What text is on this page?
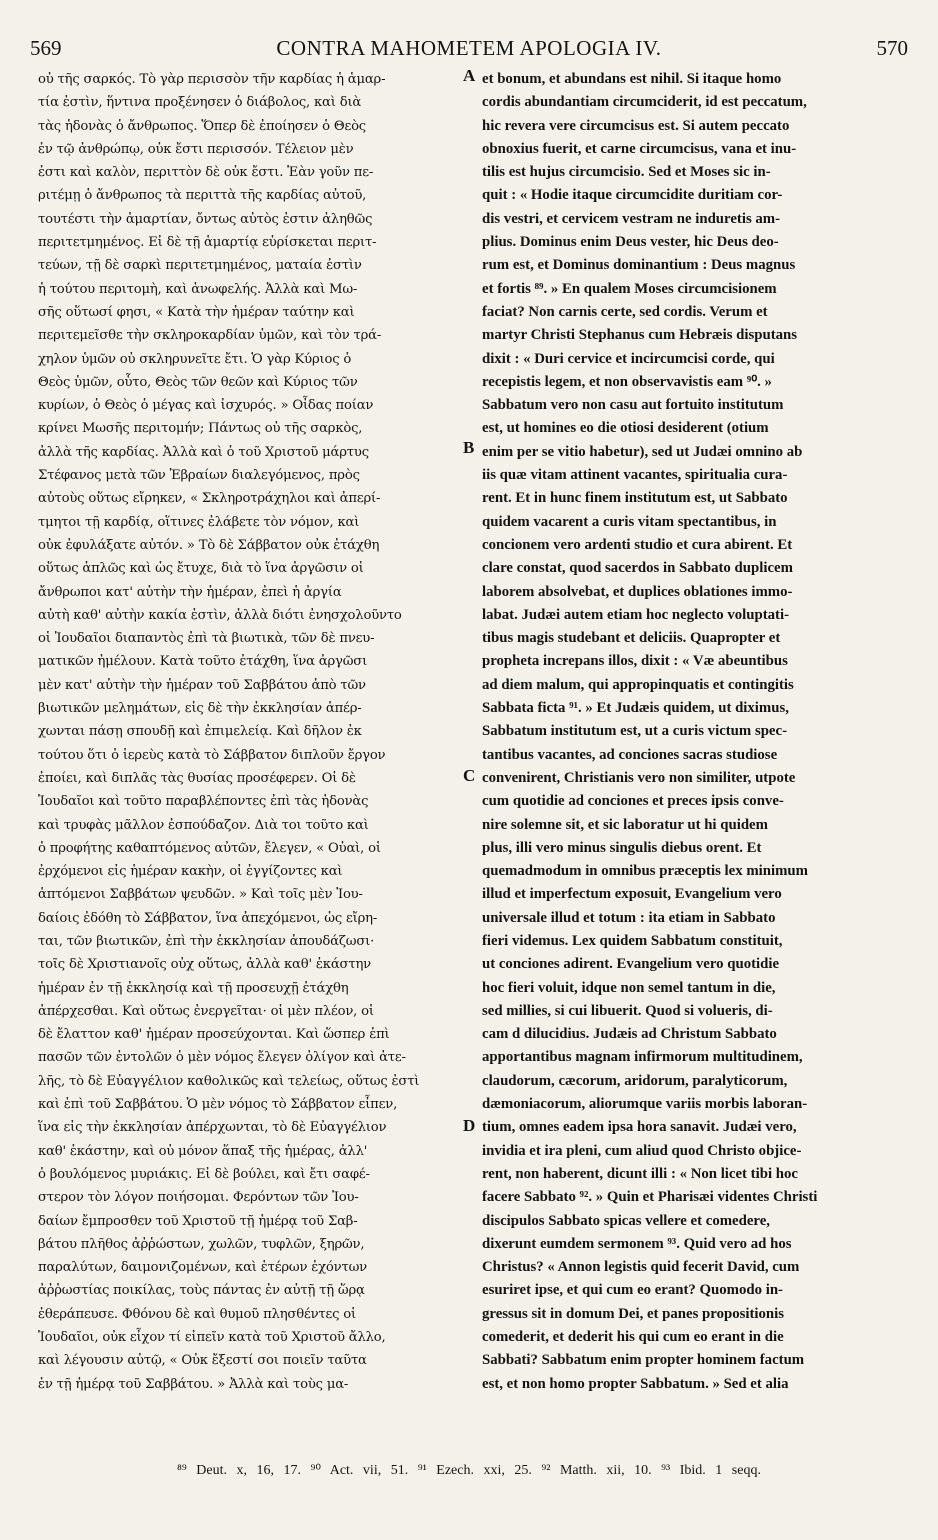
569	CONTRA MAHOMETEM APOLOGIA IV.	570
οὐ τῆς σαρκός. Τὸ γὰρ περισσὸν τῆν καρδίας ἡ ἁμαρ-
τία ἐστὶν, ἥντινα προξένησεν ὁ διάβολος, καὶ διὰ
τὰς ἡδονὰς ὁ ἄνθρωπος. Ὅπερ δὲ ἐποίησεν ὁ Θεὸς
ἐν τῷ ἀνθρώπῳ, οὐκ ἔστι περισσόν. Τέλειον μὲν
ἐστι καὶ καλὸν, περιττὸν δὲ οὐκ ἔστι. Ἐὰν γοῦν πε-
ριτέμῃ ὁ ἄνθρωπος τὰ περιττὰ τῆς καρδίας αὐτοῦ,
τουτέστι τὴν ἁμαρτίαν, ὄντως αὐτὸς ἐστιν ἀληθῶς
περιτετμημένος. Εἰ δὲ τῇ ἁμαρτίᾳ εὑρίσκεται περιτ-
τεύων, τῇ δὲ σαρκὶ περιτετμημένος, ματαία ἐστὶν
ἡ τούτου περιτομὴ, καὶ ἀνωφελής. Ἀλλὰ καὶ Μω-
σῆς οὕτωσί φησι, « Κατὰ τὴν ἡμέραν ταύτην καὶ
περιτεμεῖσθε τὴν σκληροκαρδίαν ὑμῶν, καὶ τὸν τρά-
χηλον ὑμῶν οὐ σκληρυνεῖτε ἔτι. Ὁ γὰρ Κύριος ὁ
Θεὸς ὑμῶν, οὗτο, Θεὸς τῶν θεῶν καὶ Κύριος τῶν
κυρίων, ὁ Θεὸς ὁ μέγας καὶ ἰσχυρός. » Οἶδας ποίαν
κρίνει Μωσῆς περιτομήν; Πάντως οὐ τῆς σαρκὸς,
ἀλλὰ τῆς καρδίας. Ἀλλὰ καὶ ὁ τοῦ Χριστοῦ μάρτυς
Στέφανος μετὰ τῶν Ἑβραίων διαλεγόμενος, πρὸς
αὐτοὺς οὕτως εἴρηκεν, « Σκληροτράχηλοι καὶ ἀπερί-
τμητοι τῇ καρδίᾳ, οἵτινες ἐλάβετε τὸν νόμον, καὶ
οὐκ ἐφυλάξατε αὐτόν. » Τὸ δὲ Σάββατον οὐκ ἐτάχθη
οὕτως ἁπλῶς καὶ ὡς ἔτυχε, διὰ τὸ ἵνα ἀργῶσιν οἱ
ἄνθρωποι κατ' αὐτὴν τὴν ἡμέραν, ἐπεὶ ἡ ἀργία
αὐτὴ καθ' αὐτὴν κακία ἐστὶν, ἀλλὰ διότι ἐνησχολοῦντο
οἱ Ἰουδαῖοι διαπαντὸς ἐπὶ τὰ βιωτικὰ, τῶν δὲ πνευ-
ματικῶν ἠμέλουν. Κατὰ τοῦτο ἐτάχθη, ἵνα ἀργῶσι
μὲν κατ' αὐτὴν τὴν ἡμέραν τοῦ Σαββάτου ἀπὸ τῶν
βιωτικῶν μελημάτων, εἰς δὲ τὴν ἐκκλησίαν ἀπέρ-
χωνται πάσῃ σπουδῇ καὶ ἐπιμελείᾳ. Καὶ δῆλον ἐκ
τούτου ὅτι ὁ ἱερεὺς κατὰ τὸ Σάββατον διπλοῦν ἔργον
ἐποίει, καὶ διπλᾶς τὰς θυσίας προσέφερεν. Οἱ δὲ
Ἰουδαῖοι καὶ τοῦτο παραβλέποντες ἐπὶ τὰς ἡδονὰς
καὶ τρυφὰς μᾶλλον ἐσπούδαζον. Διὰ τοι τοῦτο καὶ
ὁ προφήτης καθαπτόμενος αὐτῶν, ἔλεγεν, « Οὐαὶ, οἱ
ἐρχόμενοι εἰς ἡμέραν κακὴν, οἱ ἐγγίζοντες καὶ
ἁπτόμενοι Σαββάτων ψευδῶν. » Καὶ τοῖς μὲν Ἰου-
δαίοις ἐδόθη τὸ Σάββατον, ἵνα ἀπεχόμενοι, ὡς εἴρη-
ται, τῶν βιωτικῶν, ἐπὶ τὴν ἐκκλησίαν ἀπουδάζωσι·
τοῖς δὲ Χριστιανοῖς οὐχ οὕτως, ἀλλὰ καθ' ἑκάστην
ἡμέραν ἐν τῇ ἐκκλησίᾳ καὶ τῇ προσευχῇ ἐτάχθη
ἀπέρχεσθαι. Καὶ οὕτως ἐνεργεῖται· οἱ μὲν πλέον, οἱ
δὲ ἔλαττον καθ' ἡμέραν προσεύχονται. Καὶ ὥσπερ ἐπὶ
πασῶν τῶν ἐντολῶν ὁ μὲν νόμος ἔλεγεν ὀλίγον καὶ ἀτε-
λῆς, τὸ δὲ Εὐαγγέλιον καθολικῶς καὶ τελείως, οὕτως ἐστὶ
καὶ ἐπὶ τοῦ Σαββάτου. Ὁ μὲν νόμος τὸ Σάββατον εἶπεν,
ἵνα εἰς τὴν ἐκκλησίαν ἀπέρχωνται, τὸ δὲ Εὐαγγέλιον
καθ' ἑκάστην, καὶ οὐ μόνον ἅπαξ τῆς ἡμέρας, ἀλλ'
ὁ βουλόμενος μυριάκις. Εἰ δὲ βούλει, καὶ ἔτι σαφέ-
στερον τὸν λόγον ποιήσομαι. Φερόντων τῶν Ἰου-
δαίων ἔμπροσθεν τοῦ Χριστοῦ τῇ ἡμέρᾳ τοῦ Σαβ-
βάτου πλῆθος ἀῤῥώστων, χωλῶν, τυφλῶν, ξηρῶν,
παραλύτων, δαιμονιζομένων, καὶ ἑτέρων ἐχόντων
ἀῤῥωστίας ποικίλας, τοὺς πάντας ἐν αὐτῇ τῇ ὥρᾳ
ἐθεράπευσε. Φθόνου δὲ καὶ θυμοῦ πλησθέντες οἱ
Ἰουδαῖοι, οὐκ εἶχον τί εἰπεῖν κατὰ τοῦ Χριστοῦ ἄλλο,
καὶ λέγουσιν αὐτῷ, « Οὐκ ἔξεστί σοι ποιεῖν ταῦτα
ἐν τῇ ἡμέρᾳ τοῦ Σαββάτου. » Ἀλλὰ καὶ τοὺς μα-
et bonum, et abundans est nihil. Si itaque homo
cordis abundantiam circumciderit, id est peccatum,
hic revera vere circumcisus est. Si autem peccato
obnoxius fuerit, et carne circumcisus, vana et inu-
tilis est hujus circumcisio. Sed et Moses sic in-
quit : « Hodie itaque circumcidite duritiam cor-
dis vestri, et cervicem vestram ne induretis am-
plius. Dominus enim Deus vester, hic Deus deo-
rum est, et Dominus dominantium : Deus magnus
et fortis ⁸⁹. » En qualem Moses circumcisionem
faciat? Non carnis certe, sed cordis. Verum et
martyr Christi Stephanus cum Hebræis disputans
dixit : « Duri cervice et incircumcisi corde, qui
recepistis legem, et non observavistis eam ⁹⁰. »
Sabbatum vero non casu aut fortuito institutum
est, ut homines eo die otiosi desiderent (otium
enim per se vitio habetur), sed ut Judæi omnino ab
iis quæ vitam attinent vacantes, spiritualia cura-
rent. Et in hunc finem institutum est, ut Sabbato
quidem vacarent a curis vitam spectantibus, in
concionem vero ardenti studio et cura abirent. Et
clare constat, quod sacerdos in Sabbato duplicem
laborem absolvebat, et duplices oblationes immo-
labat. Judæi autem etiam hoc neglecto voluptati-
tibus magis studebant et deliciis. Quapropter et
propheta increpans illos, dixit : « Væ abeuntibus
ad diem malum, qui appropinquatis et contingitis
Sabbata ficta ⁹¹. » Et Judæis quidem, ut diximus,
Sabbatum institutum est, ut a curis victum spec-
tantibus vacantes, ad conciones sacras studiose
convenirent, Christianis vero non similiter, utpote
cum quotidie ad conciones et preces ipsis conve-
nire solemne sit, et sic laboratur ut hi quidem
plus, illi vero minus singulis diebus orent. Et
quemadmodum in omnibus præceptis lex minimum
illud et imperfectum exposuit, Evangelium vero
universale illud et totum : ita etiam in Sabbato
fieri videmus. Lex quidem Sabbatum constituit,
ut conciones adirent. Evangelium vero quotidie
hoc fieri voluit, idque non semel tantum in die,
sed millies, si cui libuerit. Quod si volueris, di-
cam d dilucidius. Judæis ad Christum Sabbato
apportantibus magnam infirmorum multitudinem,
claudorum, cæcorum, aridorum, paralyticorum,
dæmoniacorum, aliorumque variis morbis laboran-
tium, omnes eadem ipsa hora sanavit. Judæi vero,
invidia et ira pleni, cum aliud quod Christo objice-
rent, non haberent, dicunt illi : « Non licet tibi hoc
facere Sabbato ⁹². » Quin et Pharisæi videntes Christi
discipulos Sabbato spicas vellere et comedere,
dixerunt eumdem sermonem ⁹³. Quid vero ad hos
Christus? « Annon legistis quid fecerit David, cum
esuriret ipse, et qui cum eo erant? Quomodo in-
gressus sit in domum Dei, et panes propositionis
comederit, et dederit his qui cum eo erant in die
Sabbati? Sabbatum enim propter hominem factum
est, et non homo propter Sabbatum. » Sed et alia
A
B
C
D
⁸⁹ Deut. x, 16, 17. ⁹⁰ Act. vii, 51. ⁹¹ Ezech. xxi, 25. ⁹² Matth. xii, 10. ⁹³ Ibid. 1 seqq.
